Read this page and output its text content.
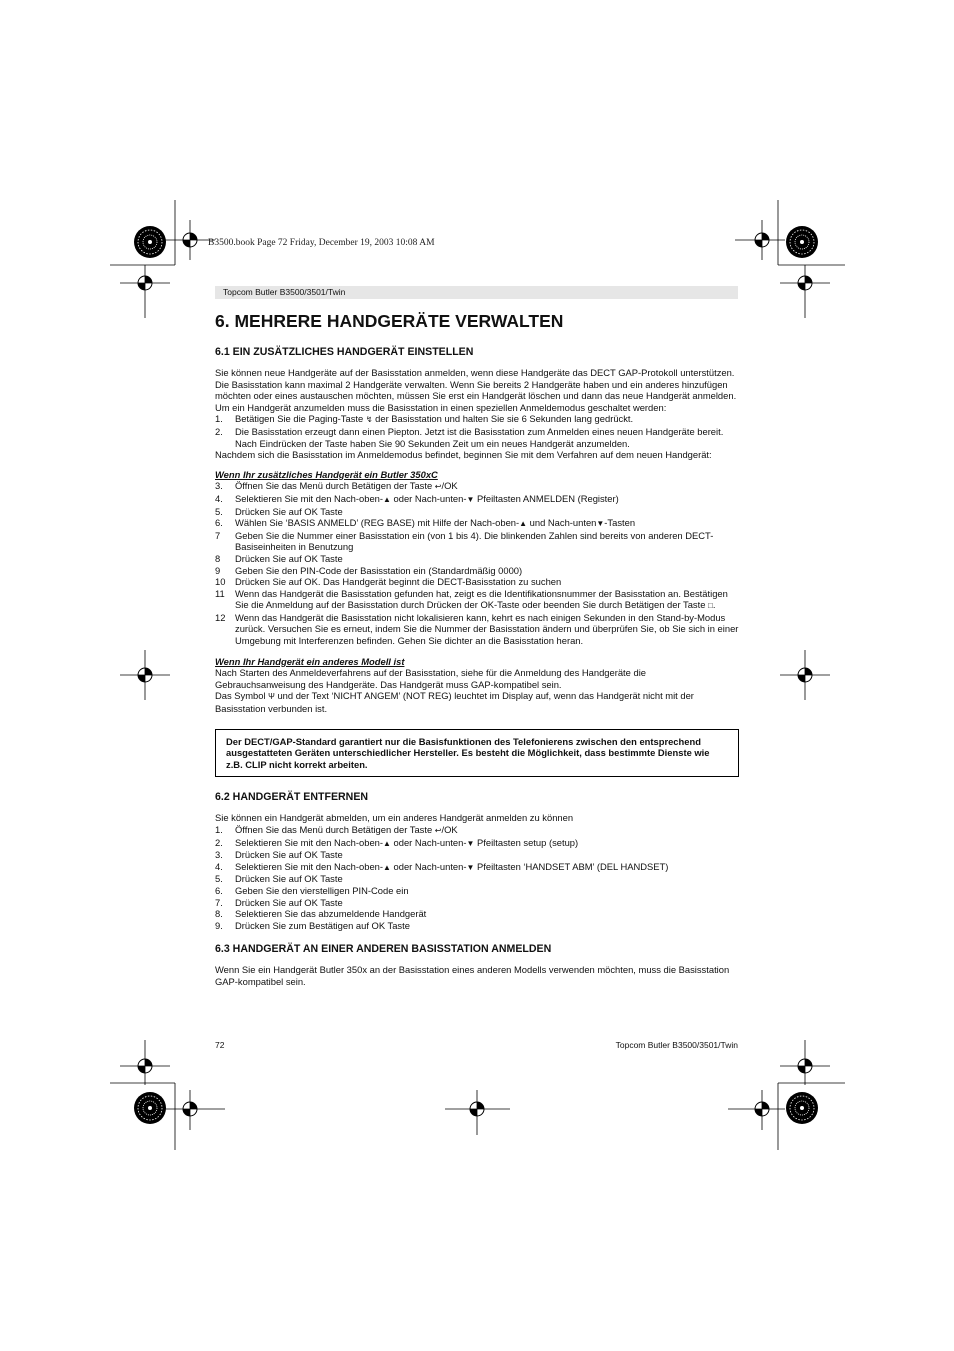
B3500.book Page 72 Friday, December 19, 2003 10:08 AM
Topcom Butler B3500/3501/Twin
6. MEHRERE HANDGERÄTE VERWALTEN
6.1 EIN ZUSÄTZLICHES HANDGERÄT EINSTELLEN

Sie können neue Handgeräte auf der Basisstation anmelden, wenn diese Handgeräte das DECT GAP-Protokoll unterstützen.

Die Basisstation kann maximal 2 Handgeräte verwalten. Wenn Sie bereits 2 Handgeräte haben und ein anderes hinzufügen möchten oder eines austauschen möchten, müssen Sie erst ein Handgerät löschen und dann das neue Handgerät anmelden.

Um ein Handgerät anzumelden muss die Basisstation in einen speziellen Anmeldemodus geschaltet werden:

1. Betätigen Sie die Paging-Taste ↯ der Basisstation und halten Sie sie 6 Sekunden lang gedrückt.
2. Die Basisstation erzeugt dann einen Piepton. Jetzt ist die Basisstation zum Anmelden eines neuen Handgeräte bereit. Nach Eindrücken der Taste haben Sie 90 Sekunden Zeit um ein neues Handgerät anzumelden.

Nachdem sich die Basisstation im Anmeldemodus befindet, beginnen Sie mit dem Verfahren auf dem neuen Handgerät:

Wenn Ihr zusätzliches Handgerät ein Butler 350xC

3. Öffnen Sie das Menü durch Betätigen der Taste ↩/OK
4. Selektieren Sie mit den Nach-oben-▲ oder Nach-unten-▼ Pfeiltasten ANMELDEN (Register)
5. Drücken Sie auf OK Taste
6. Wählen Sie ‘BASIS ANMELD’ (REG BASE) mit Hilfe der Nach-oben-▲ und Nach-unten▼-Tasten
7 Geben Sie die Nummer einer Basisstation ein (von 1 bis 4). Die blinkenden Zahlen sind bereits von anderen DECT-Basiseinheiten in Benutzung
8 Drücken Sie auf OK Taste
9 Geben Sie den PIN-Code der Basisstation ein (Standardmäßig 0000)
10 Drücken Sie auf OK. Das Handgerät beginnt die DECT-Basisstation zu suchen
11 Wenn das Handgerät die Basisstation gefunden hat, zeigt es die Identifikationsnummer der Basisstation an. Bestätigen Sie die Anmeldung auf der Basisstation durch Drücken der OK-Taste oder beenden Sie durch Betätigen der Taste □.
12 Wenn das Handgerät die Basisstation nicht lokalisieren kann, kehrt es nach einigen Sekunden in den Stand-by-Modus zurück. Versuchen Sie es erneut, indem Sie die Nummer der Basisstation ändern und überprüfen Sie, ob Sie sich in einer Umgebung mit Interferenzen befinden. Gehen Sie dichter an die Basisstation heran.

Wenn Ihr Handgerät ein anderes Modell ist

Nach Starten des Anmeldeverfahrens auf der Basisstation, siehe für die Anmeldung des Handgeräte die Gebrauchsanweisung des Handgeräte. Das Handgerät muss GAP-kompatibel sein.

Das Symbol Ψ und der Text ‘NICHT ANGEM’ (NOT REG) leuchtet im Display auf, wenn das Handgerät nicht mit der Basisstation verbunden ist.

Der DECT/GAP-Standard garantiert nur die Basisfunktionen des Telefonierens zwischen den entsprechend ausgestatteten Geräten unterschiedlicher Hersteller. Es besteht die Möglichkeit, dass bestimmte Dienste wie z.B. CLIP nicht korrekt arbeiten.
6.2 HANDGERÄT ENTFERNEN

Sie können ein Handgerät abmelden, um ein anderes Handgerät anmelden zu können

1. Öffnen Sie das Menü durch Betätigen der Taste ↩/OK
2. Selektieren Sie mit den Nach-oben-▲ oder Nach-unten-▼ Pfeiltasten setup (setup)
3. Drücken Sie auf OK Taste
4. Selektieren Sie mit den Nach-oben-▲ oder Nach-unten-▼ Pfeiltasten ‘HANDSET ABM’ (DEL HANDSET)
5. Drücken Sie auf OK Taste
6. Geben Sie den vierstelligen PIN-Code ein
7. Drücken Sie auf OK Taste
8. Selektieren Sie das abzumeldende Handgerät
9. Drücken Sie zum Bestätigen auf OK Taste
6.3 HANDGERÄT AN EINER ANDEREN BASISSTATION ANMELDEN

Wenn Sie ein Handgerät Butler 350x an der Basisstation eines anderen Modells verwenden möchten, muss die Basisstation GAP-kompatibel sein.

72	Topcom Butler B3500/3501/Twin
